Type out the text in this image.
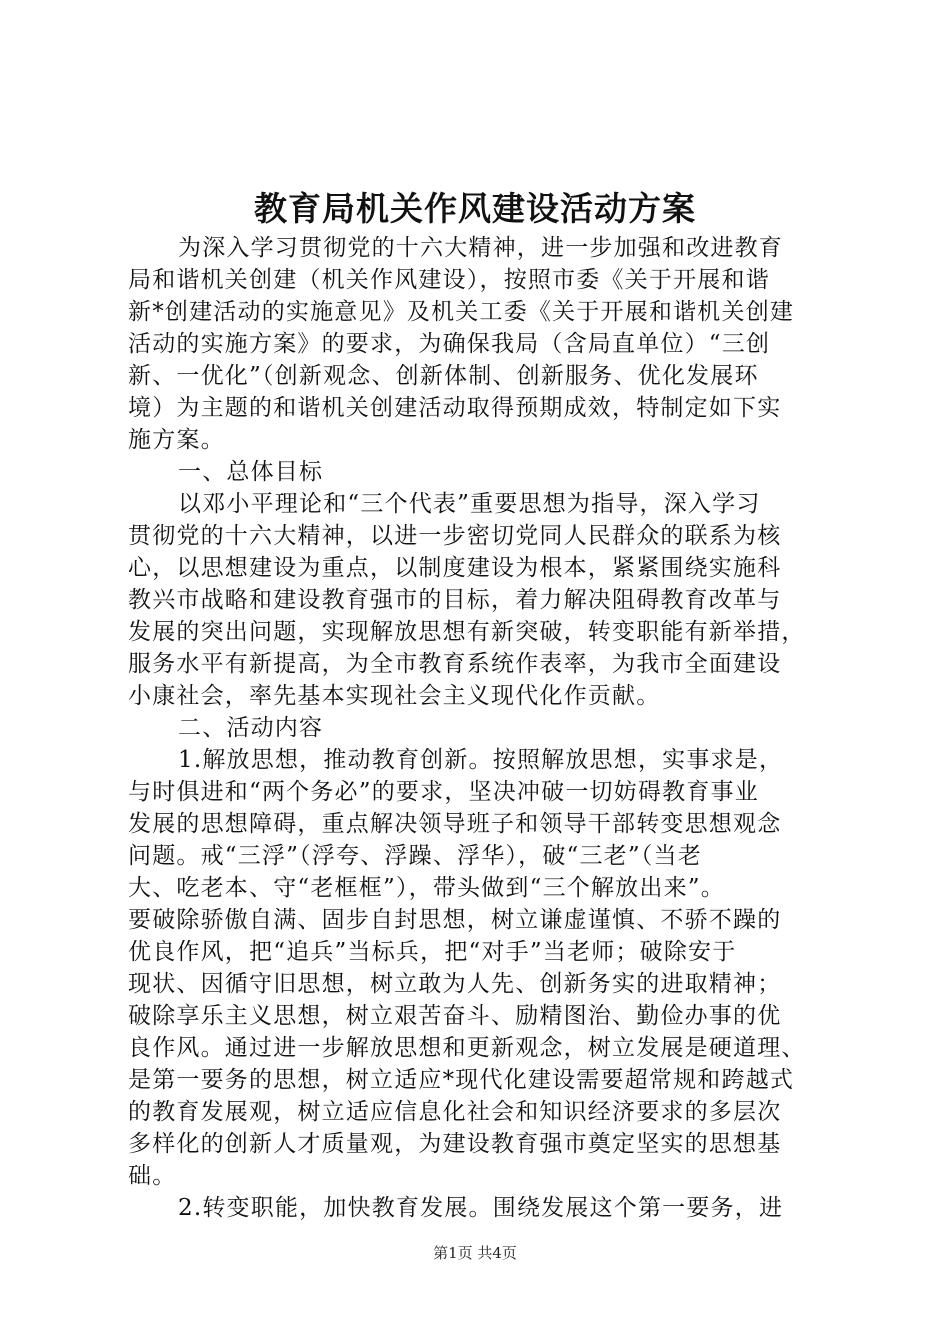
教育局机关作风建设活动方案
为深入学习贯彻党的十六大精神，进一步加强和改进教育
局和谐机关创建（机关作风建设），按照市委《关于开展和谐
新*创建活动的实施意见》及机关工委《关于开展和谐机关创建
活动的实施方案》的要求，为确保我局（含局直单位）“三创
新、一优化”（创新观念、创新体制、创新服务、优化发展环
境）为主题的和谐机关创建活动取得预期成效，特制定如下实
施方案。
一、总体目标
以邓小平理论和“三个代表”重要思想为指导，深入学习
贯彻党的十六大精神，以进一步密切党同人民群众的联系为核
心，以思想建设为重点，以制度建设为根本，紧紧围绕实施科
教兴市战略和建设教育强市的目标，着力解决阻碍教育改革与
发展的突出问题，实现解放思想有新突破，转变职能有新举措，
服务水平有新提高，为全市教育系统作表率，为我市全面建设
小康社会，率先基本实现社会主义现代化作贡献。
二、活动内容
1.解放思想，推动教育创新。按照解放思想，实事求是，
与时俱进和“两个务必”的要求，坚决冲破一切妨碍教育事业
发展的思想障碍，重点解决领导班子和领导干部转变思想观念
问题。戒“三浮”（浮夸、浮躁、浮华），破“三老”（当老
大、吃老本、守“老框框”），带头做到“三个解放出来”。
要破除骄傲自满、固步自封思想，树立谦虚谨慎、不骄不躁的
优良作风，把“追兵”当标兵，把“对手”当老师；破除安于
现状、因循守旧思想，树立敢为人先、创新务实的进取精神；
破除享乐主义思想，树立艰苦奋斗、励精图治、勤俭办事的优
良作风。通过进一步解放思想和更新观念，树立发展是硬道理、
是第一要务的思想，树立适应*现代化建设需要超常规和跨越式
的教育发展观，树立适应信息化社会和知识经济要求的多层次
多样化的创新人才质量观，为建设教育强市奠定坚实的思想基
础。
2.转变职能，加快教育发展。围绕发展这个第一要务，进
第1页 共4页
